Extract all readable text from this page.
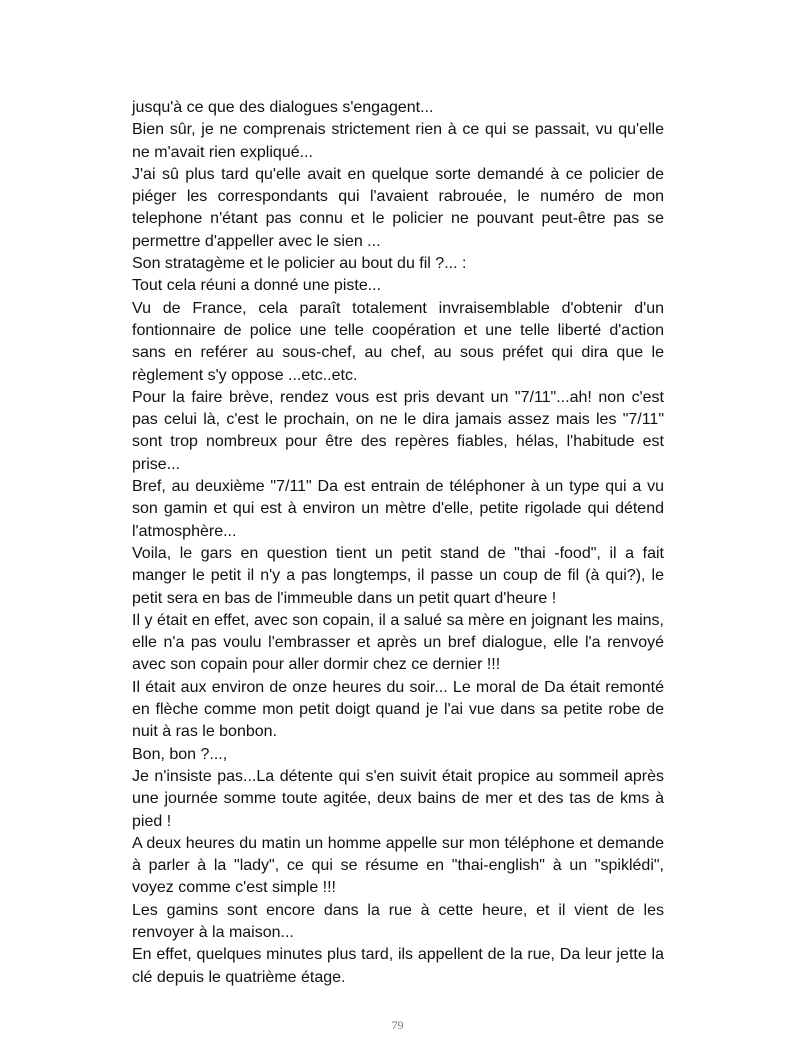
jusqu'à ce que des dialogues s'engagent...

Bien sûr, je ne comprenais strictement rien à ce qui se passait, vu qu'elle ne m'avait rien expliqué...

J'ai sû plus tard qu'elle avait en quelque sorte demandé à ce policier de piéger les correspondants qui l'avaient rabrouée, le numéro de mon telephone n'étant pas connu et le policier ne pouvant peut-être pas se permettre d'appeller avec le sien ...

Son stratagème et le policier au bout du fil ?... :

Tout cela réuni a donné une piste...

Vu de France, cela paraît totalement invraisemblable d'obtenir d'un fontionnaire de police une telle coopération et une telle liberté d'action sans en reférer au sous-chef, au chef, au sous préfet qui dira que le règlement s'y oppose ...etc..etc.

Pour la faire brève, rendez vous est pris devant un "7/11"...ah! non c'est pas celui là, c'est le prochain, on ne le dira jamais assez mais les "7/11" sont trop nombreux pour être des repères fiables, hélas, l'habitude est prise...

Bref, au deuxième "7/11" Da est entrain de téléphoner à un type qui a vu son gamin et qui est à environ un mètre d'elle, petite rigolade qui détend l'atmosphère...

Voila, le gars en question tient un petit stand de "thai -food", il a fait manger le petit il n'y a pas longtemps, il passe un coup de fil (à qui?), le petit sera en bas de l'immeuble dans un petit quart d'heure !

Il y était en effet, avec son copain, il a salué sa mère en joignant les mains, elle n'a pas voulu l'embrasser et après un bref dialogue, elle l'a renvoyé avec son copain pour aller dormir chez ce dernier !!!

Il était aux environ de onze heures du soir... Le moral de Da était remonté en flèche comme mon petit doigt quand je l'ai vue dans sa petite robe de nuit à ras le bonbon.

Bon, bon ?...,

Je n'insiste pas...La détente qui s'en suivit était propice au sommeil après une journée somme toute agitée, deux bains de mer et des tas de kms à pied !

A deux heures du matin un homme appelle sur mon téléphone et demande à parler à la "lady", ce qui se résume en "thai-english" à un "spiklédi", voyez comme c'est simple !!!

Les gamins sont encore dans la rue à cette heure, et il vient de les renvoyer à la maison...

En effet, quelques minutes plus tard, ils appellent de la rue, Da leur jette la clé depuis le quatrième étage.

79
